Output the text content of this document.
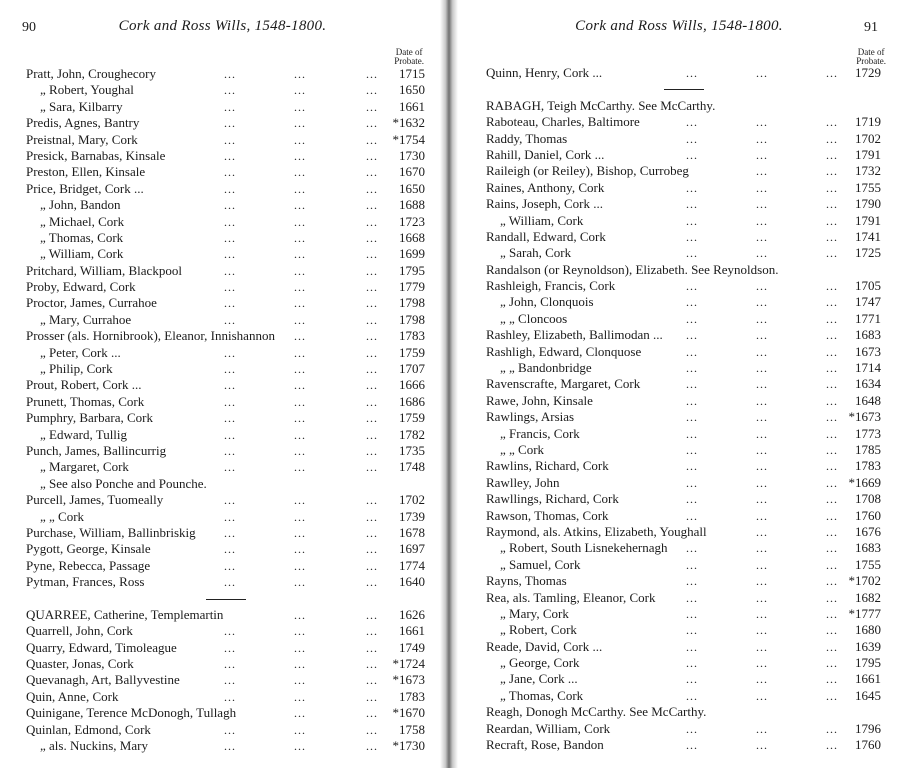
90	Cork and Ross Wills, 1548-1800.
Date of
Probate.
Pratt, John, Croughecory	...	...	... 1715
„ Robert, Youghal	...	...	... 1650
„ Sara, Kilbarry	...	...	... 1661
Predis, Agnes, Bantry	...	...	... *1632
Preistnal, Mary, Cork	...	...	... *1754
Presick, Barnabas, Kinsale	...	...	... 1730
Preston, Ellen, Kinsale	...	...	... 1670
Price, Bridget, Cork ...	...	...	... 1650
„ John, Bandon	...	...	... 1688
„ Michael, Cork	...	...	... 1723
„ Thomas, Cork	...	...	... 1668
„ William, Cork	...	...	... 1699
Pritchard, William, Blackpool	...	...	... 1795
Proby, Edward, Cork	...	...	... 1779
Proctor, James, Currahoe	...	...	... 1798
„ Mary, Currahoe	...	...	... 1798
Prosser (als. Hornibrook), Eleanor, Innishannon ...	... 1783
„ Peter, Cork ...	...	...	... 1759
„ Philip, Cork	...	...	... 1707
Prout, Robert, Cork ...	...	...	... 1666
Prunett, Thomas, Cork	...	...	... 1686
Pumphry, Barbara, Cork	...	...	... 1759
„ Edward, Tullig	...	...	... 1782
Punch, James, Ballincurrig	...	...	... 1735
„ Margaret, Cork	...	...	... 1748
„ See also Ponche and Pounche.
Purcell, James, Tuomeally	...	...	... 1702
„ „ Cork	...	...	... 1739
Purchase, William, Ballinbriskig ...	...	... 1678
Pygott, George, Kinsale	...	...	... 1697
Pyne, Rebecca, Passage	...	...	... 1774
Pytman, Frances, Ross	...	...	... 1640
QUARREE, Catherine, Templemartin	...	... 1626
Quarrell, John, Cork	...	...	... 1661
Quarry, Edward, Timoleague	...	...	... 1749
Quaster, Jonas, Cork	...	...	... *1724
Quevanagh, Art, Ballyvestine	...	...	... *1673
Quin, Anne, Cork	...	...	... 1783
Quinigane, Terence McDonogh, Tullagh	...	... *1670
Quinlan, Edmond, Cork	...	...	... 1758
„ als. Nuckins, Mary	...	...	... *1730
91
Cork and Ross Wills, 1548-1800.
Date of
Probate.
Quinn, Henry, Cork ...	...	...	... 1729
RABAGH, Teigh McCarthy. See McCarthy.
Raboteau, Charles, Baltimore	...	...	... 1719
Raddy, Thomas	...	...	... 1702
Rahill, Daniel, Cork ...	...	...	... 1791
Raileigh (or Reiley), Bishop, Currobeg	...	... 1732
Raines, Anthony, Cork	...	...	... 1755
Rains, Joseph, Cork ...	...	...	... 1790
„ William, Cork	...	...	... 1791
Randall, Edward, Cork	...	...	... 1741
„ Sarah, Cork	...	...	... 1725
Randalson (or Reynoldson), Elizabeth. See Reynoldson.
Rashleigh, Francis, Cork	...	...	... 1705
„ John, Clonquois	...	...	... 1747
„ „ Cloncoos	...	...	... 1771
Rashley, Elizabeth, Ballimodan ... ...	...	... 1683
Rashligh, Edward, Clonquose	...	...	... 1673
„ „ Bandonbridge	...	...	... 1714
Ravenscrafte, Margaret, Cork	...	...	... 1634
Rawe, John, Kinsale	...	...	... 1648
Rawlings, Arsias	...	...	... *1673
„ Francis, Cork	...	...	... 1773
„ „ Cork	...	...	... 1785
Rawlins, Richard, Cork	...	...	... 1783
Rawlley, John	...	...	... *1669
Rawllings, Richard, Cork	...	...	... 1708
Rawson, Thomas, Cork	...	...	... 1760
Raymond, als. Atkins, Elizabeth, Youghall	...	... 1676
„ Robert, South Lisnekehernagh ...	...	... 1683
„ Samuel, Cork	...	...	... 1755
Rayns, Thomas	...	...	... *1702
Rea, als. Tamling, Eleanor, Cork	...	...	... 1682
„ Mary, Cork	...	...	... *1777
„ Robert, Cork	...	...	... 1680
Reade, David, Cork ...	...	...	... 1639
„ George, Cork	...	...	... 1795
„ Jane, Cork ...	...	...	... 1661
„ Thomas, Cork	...	...	... 1645
Reagh, Donogh McCarthy. See McCarthy.
Reardan, William, Cork	...	...	... 1796
Recraft, Rose, Bandon	...	...	... 1760
